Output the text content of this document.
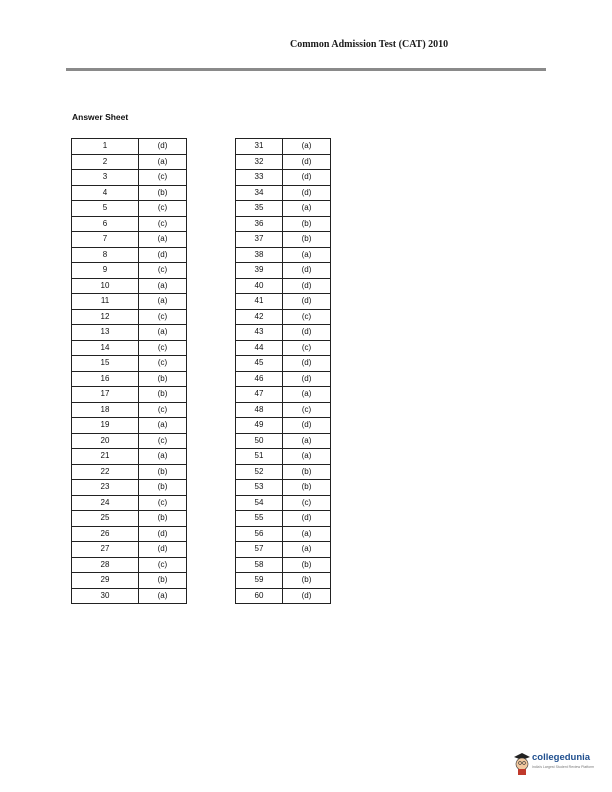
Common Admission Test (CAT) 2010
Answer Sheet
1	(d)
2	(a)
3	(c)
4	(b)
5	(c)
6	(c)
7	(a)
8	(d)
9	(c)
10	(a)
11	(a)
12	(c)
13	(a)
14	(c)
15	(c)
16	(b)
17	(b)
18	(c)
19	(a)
20	(c)
21	(a)
22	(b)
23	(b)
24	(c)
25	(b)
26	(d)
27	(d)
28	(c)
29	(b)
30	(a)
31	(a)
32	(d)
33	(d)
34	(d)
35	(a)
36	(b)
37	(b)
38	(a)
39	(d)
40	(d)
41	(d)
42	(c)
43	(d)
44	(c)
45	(d)
46	(d)
47	(a)
48	(c)
49	(d)
50	(a)
51	(a)
52	(b)
53	(b)
54	(c)
55	(d)
56	(a)
57	(a)
58	(b)
59	(b)
60	(d)
collegedunia
India's Largest Student Review Platform
